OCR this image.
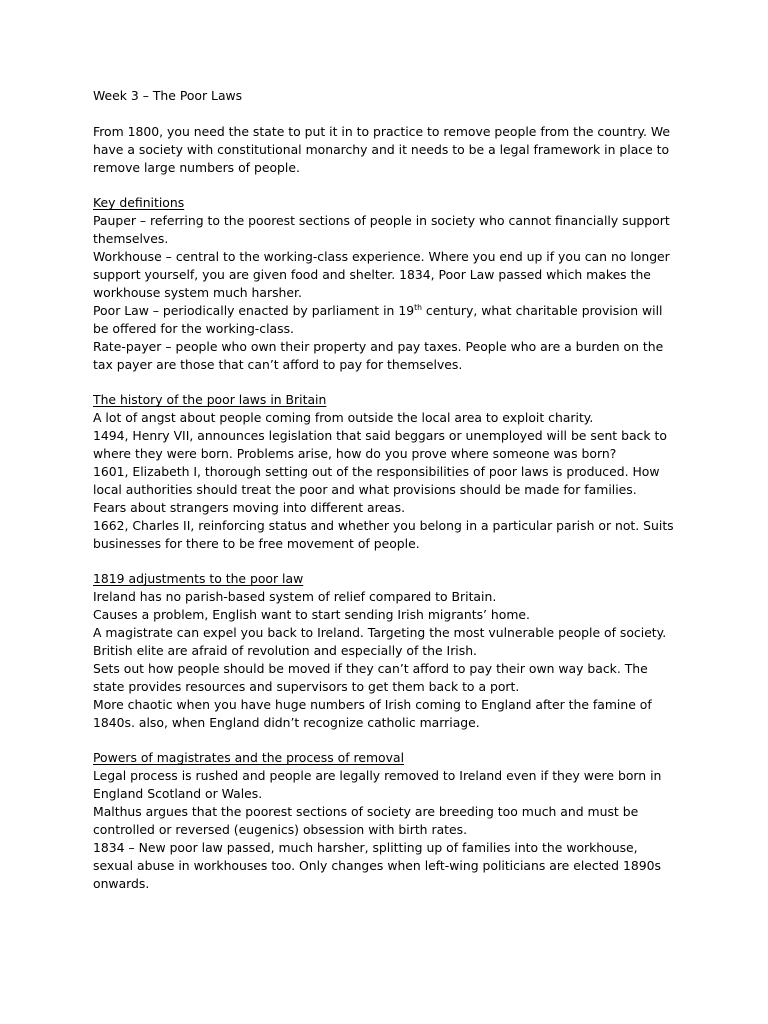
Week 3 – The Poor Laws

From 1800, you need the state to put it in to practice to remove people from the country. We have a society with constitutional monarchy and it needs to be a legal framework in place to remove large numbers of people.

Key definitions

Pauper – referring to the poorest sections of people in society who cannot financially support themselves.

Workhouse – central to the working-class experience. Where you end up if you can no longer support yourself, you are given food and shelter. 1834, Poor Law passed which makes the workhouse system much harsher.

Poor Law – periodically enacted by parliament in 19th century, what charitable provision will be offered for the working-class.

Rate-payer – people who own their property and pay taxes. People who are a burden on the tax payer are those that can’t afford to pay for themselves.

The history of the poor laws in Britain

A lot of angst about people coming from outside the local area to exploit charity.

1494, Henry VII, announces legislation that said beggars or unemployed will be sent back to where they were born. Problems arise, how do you prove where someone was born?

1601, Elizabeth I, thorough setting out of the responsibilities of poor laws is produced. How local authorities should treat the poor and what provisions should be made for families.

Fears about strangers moving into different areas.

1662, Charles II, reinforcing status and whether you belong in a particular parish or not. Suits businesses for there to be free movement of people.

1819 adjustments to the poor law

Ireland has no parish-based system of relief compared to Britain.

Causes a problem, English want to start sending Irish migrants’ home.

A magistrate can expel you back to Ireland. Targeting the most vulnerable people of society.

British elite are afraid of revolution and especially of the Irish.

Sets out how people should be moved if they can’t afford to pay their own way back. The state provides resources and supervisors to get them back to a port.

More chaotic when you have huge numbers of Irish coming to England after the famine of 1840s. also, when England didn’t recognize catholic marriage.

Powers of magistrates and the process of removal

Legal process is rushed and people are legally removed to Ireland even if they were born in England Scotland or Wales.

Malthus argues that the poorest sections of society are breeding too much and must be controlled or reversed (eugenics) obsession with birth rates.

1834 – New poor law passed, much harsher, splitting up of families into the workhouse, sexual abuse in workhouses too. Only changes when left-wing politicians are elected 1890s onwards.
